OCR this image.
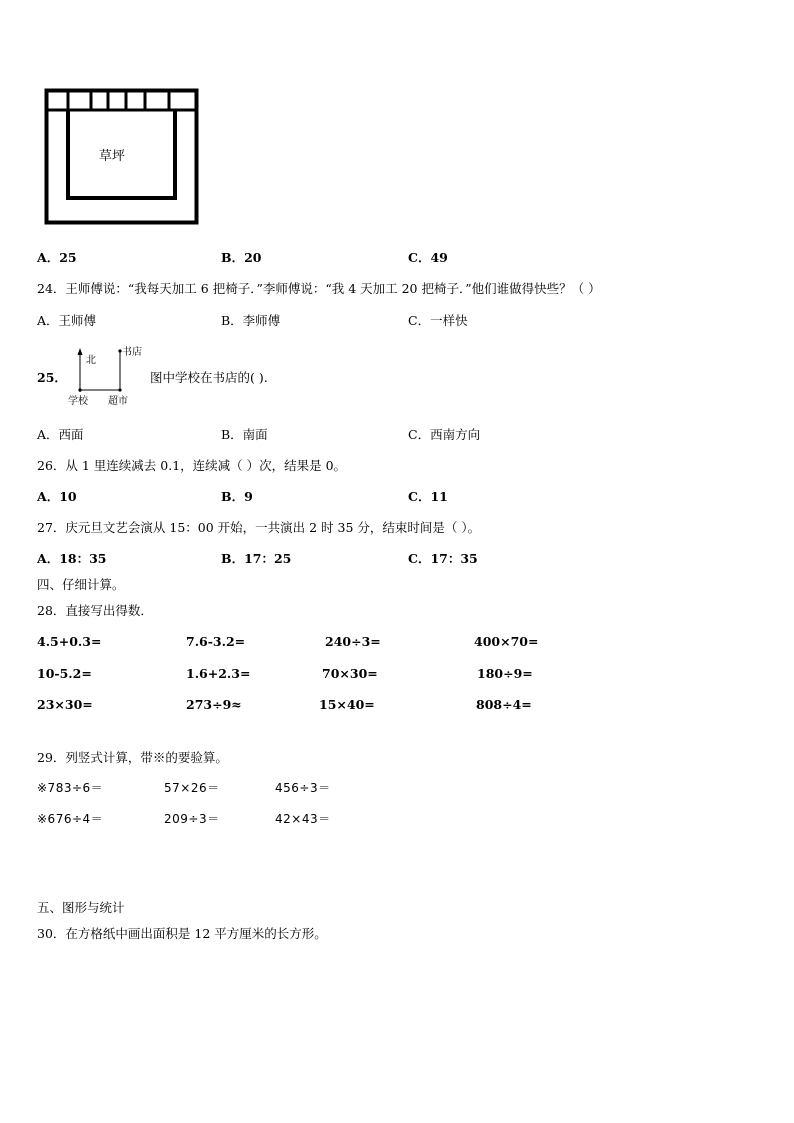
草坪
A．25	B．20	C．49
24．王师傅说：“我每天加工 6 把椅子．”李师傅说：“我 4 天加工 20 把椅子．”他们谁做得快些？（ ）
A．王师傅	B．李师傅	C．一样快
25．
北
书店
学校 超市
图中学校在书店的( ).
A．西面	B．南面	C．西南方向
26．从 1 里连续减去 0.1，连续减（ ）次，结果是 0。
A．10	B．9	C．11
27．庆元旦文艺会演从 15：00 开始，一共演出 2 时 35 分，结束时间是（ ）。
A．18：35	B．17：25	C．17：35
四、仔细计算。
28．直接写出得数．
4.5+0.3=	7.6-3.2=	240÷3=	400×70=
10-5.2=	1.6+2.3=	70×30=	180÷9=
23×30=	273÷9≈	15×40=	808÷4=
29．列竖式计算，带※的要验算。
※783÷6＝	57×26＝	456÷3＝
※676÷4＝	209÷3＝	42×43＝
五、图形与统计
30．在方格纸中画出面积是 12 平方厘米的长方形。
